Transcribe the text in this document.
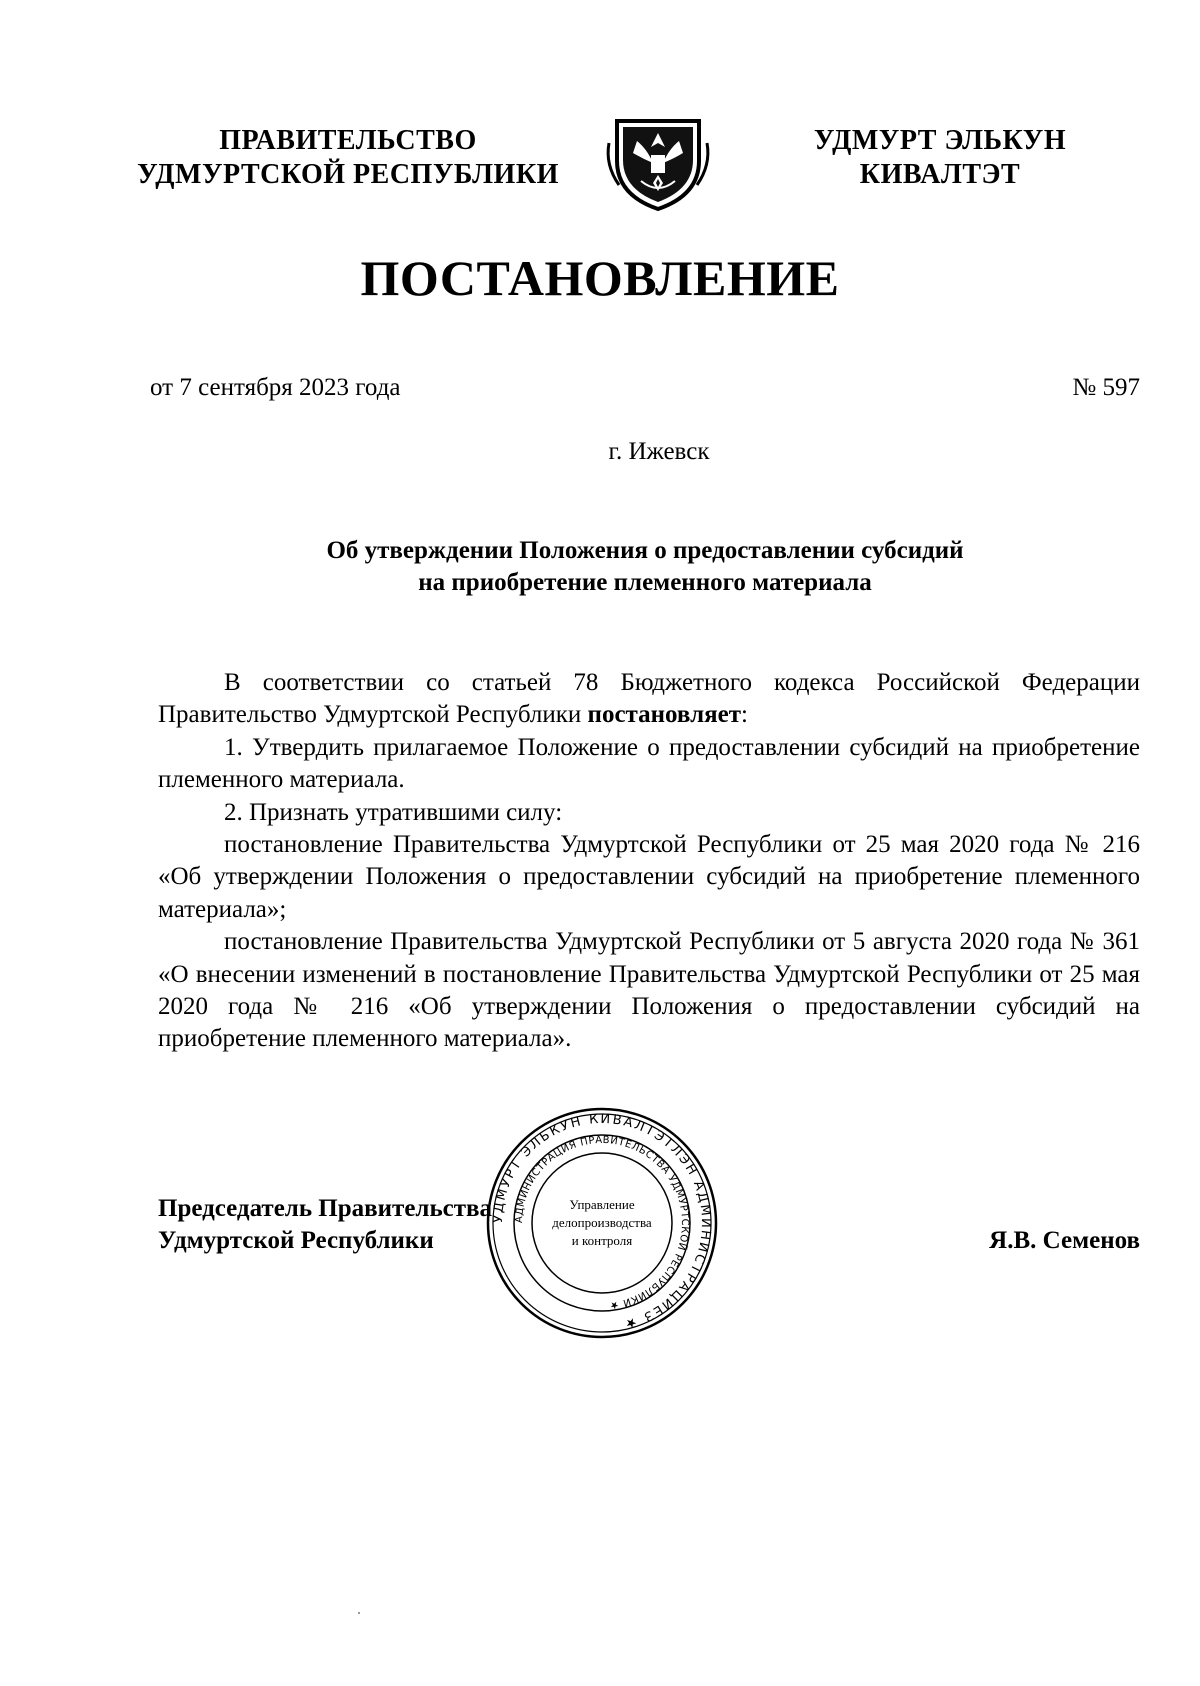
ПРАВИТЕЛЬСТВО
УДМУРТСКОЙ РЕСПУБЛИКИ
УДМУРТ ЭЛЬКУН
КИВАЛТЭТ
ПОСТАНОВЛЕНИЕ
от 7 сентября 2023 года	№ 597
г. Ижевск
Об утверждении Положения о предоставлении субсидий
на приобретение племенного материала
В соответствии со статьей 78 Бюджетного кодекса Российской Федерации
Правительство Удмуртской Республики постановляет:
1. Утвердить прилагаемое Положение о предоставлении субсидий на приобретение племенного материала.
2. Признать утратившими силу:
постановление Правительства Удмуртской Республики от 25 мая 2020 года № 216 «Об утверждении Положения о предоставлении субсидий на приобретение племенного материала»;
постановление Правительства Удмуртской Республики от 5 августа 2020 года № 361 «О внесении изменений в постановление Правительства Удмуртской Республики от 25 мая 2020 года № 216 «Об утверждении Положения о предоставлении субсидий на приобретение племенного материала».
УДМУРТ ЭЛЬКУН КИВАЛТЭТЛЭН АДМИНИСТРАЦИЕЗ ★
АДМИНИСТРАЦИЯ ПРАВИТЕЛЬСТВА УДМУРТСКОЙ РЕСПУБЛИКИ ★
Управление
делопроизводства
и контроля
Председатель Правительства
Удмуртской Республики	Я.В. Семенов
